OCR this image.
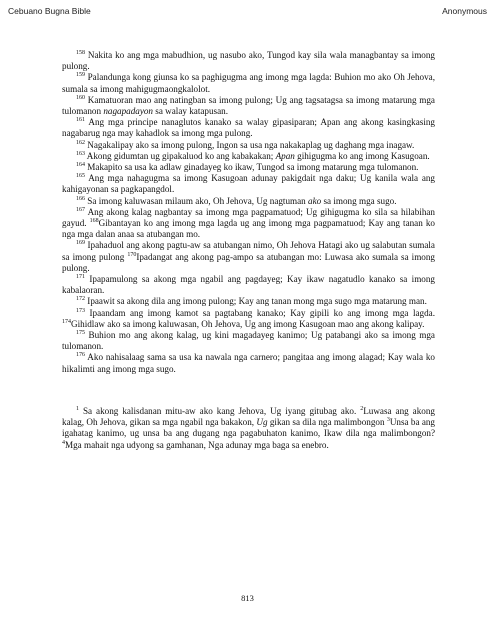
Cebuano Bugna Bible	Anonymous

$^{158}$ Nakita ko ang mga mabudhion, ug nasubo ako, Tungod kay sila wala managbantay sa imong pulong.

$^{159}$ Palandunga kong giunsa ko sa paghigugma ang imong mga lagda: Buhion mo ako Oh Jehova, sumala sa imong mahigugmaongkalolot.

$^{160}$ Kamatuoran mao ang natingban sa imong pulong; Ug ang tagsatagsa sa imong matarung mga tulomanon nagapadayon sa walay katapusan.

$^{161}$ Ang mga principe nanaglutos kanako sa walay gipasiparan; Apan ang akong kasingkasing nagabarug nga may kahadlok sa imong mga pulong.

$^{162}$ Nagakalipay ako sa imong pulong, Ingon sa usa nga nakakaplag ug daghang mga inagaw.

$^{163}$ Akong gidumtan ug gipakaluod ko ang kabakakan; Apan gihigugma ko ang imong Kasugoan.

$^{164}$ Makapito sa usa ka adlaw ginadayeg ko ikaw, Tungod sa imong matarung mga tulomanon.

$^{165}$ Ang mga nahagugma sa imong Kasugoan adunay pakigdait nga daku; Ug kanila wala ang kahigayonan sa pagkapangdol.

$^{166}$ Sa imong kaluwasan milaum ako, Oh Jehova, Ug nagtuman ako sa imong mga sugo.

$^{167}$ Ang akong kalag nagbantay sa imong mga pagpamatuod; Ug gihigugma ko sila sa hilabihan gayud. $^{168}$Gibantayan ko ang imong mga lagda ug ang imong mga pagpamatuod; Kay ang tanan ko nga mga dalan anaa sa atubangan mo.

$^{169}$ Ipahaduol ang akong pagtu-aw sa atubangan nimo, Oh Jehova Hatagi ako ug salabutan sumala sa imong pulong $^{170}$Ipadangat ang akong pag-ampo sa atubangan mo: Luwasa ako sumala sa imong pulong.

$^{171}$ Ipapamulong sa akong mga ngabil ang pagdayeg; Kay ikaw nagatudlo kanako sa imong kabalaoran.

$^{172}$ Ipaawit sa akong dila ang imong pulong; Kay ang tanan mong mga sugo mga matarung man.

$^{173}$ Ipaandam ang imong kamot sa pagtabang kanako; Kay gipili ko ang imong mga lagda. $^{174}$Gihidlaw ako sa imong kaluwasan, Oh Jehova, Ug ang imong Kasugoan mao ang akong kalipay.

$^{175}$ Buhion mo ang akong kalag, ug kini magadayeg kanimo; Ug patabangi ako sa imong mga tulomanon.

$^{176}$ Ako nahisalaag sama sa usa ka nawala nga carnero; pangitaa ang imong alagad; Kay wala ko hikalimti ang imong mga sugo.

$^1$ Sa akong kalisdanan mitu-aw ako kang Jehova, Ug iyang gitubag ako. $^2$Luwasa ang akong kalag, Oh Jehova, gikan sa mga ngabil nga bakakon, Ug gikan sa dila nga malimbongon $^3$Unsa ba ang igahatag kanimo, ug unsa ba ang dugang nga pagabuhaton kanimo, Ikaw dila nga malimbongon? $^4$Mga mahait nga udyong sa gamhanan, Nga adunay mga baga sa enebro.

813
